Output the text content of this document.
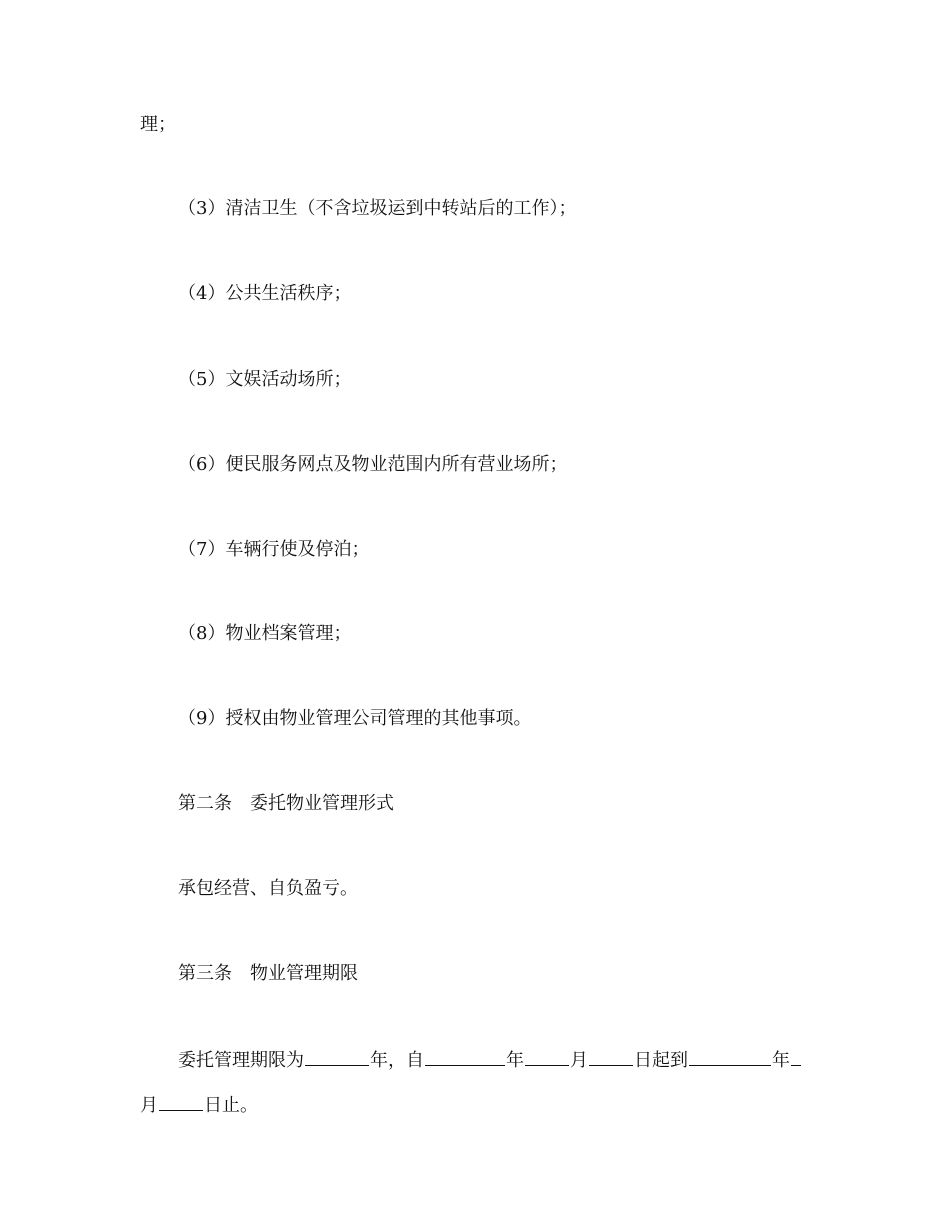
理；
（3）清洁卫生（不含垃圾运到中转站后的工作）；
（4）公共生活秩序；
（5）文娱活动场所；
（6）便民服务网点及物业范围内所有营业场所；
（7）车辆行使及停泊；
（8）物业档案管理；
（9）授权由物业管理公司管理的其他事项。
第二条　委托物业管理形式
承包经营、自负盈亏。
第三条　物业管理期限
委托管理期限为	年，自	年	月	日起到	年
月	日止。
